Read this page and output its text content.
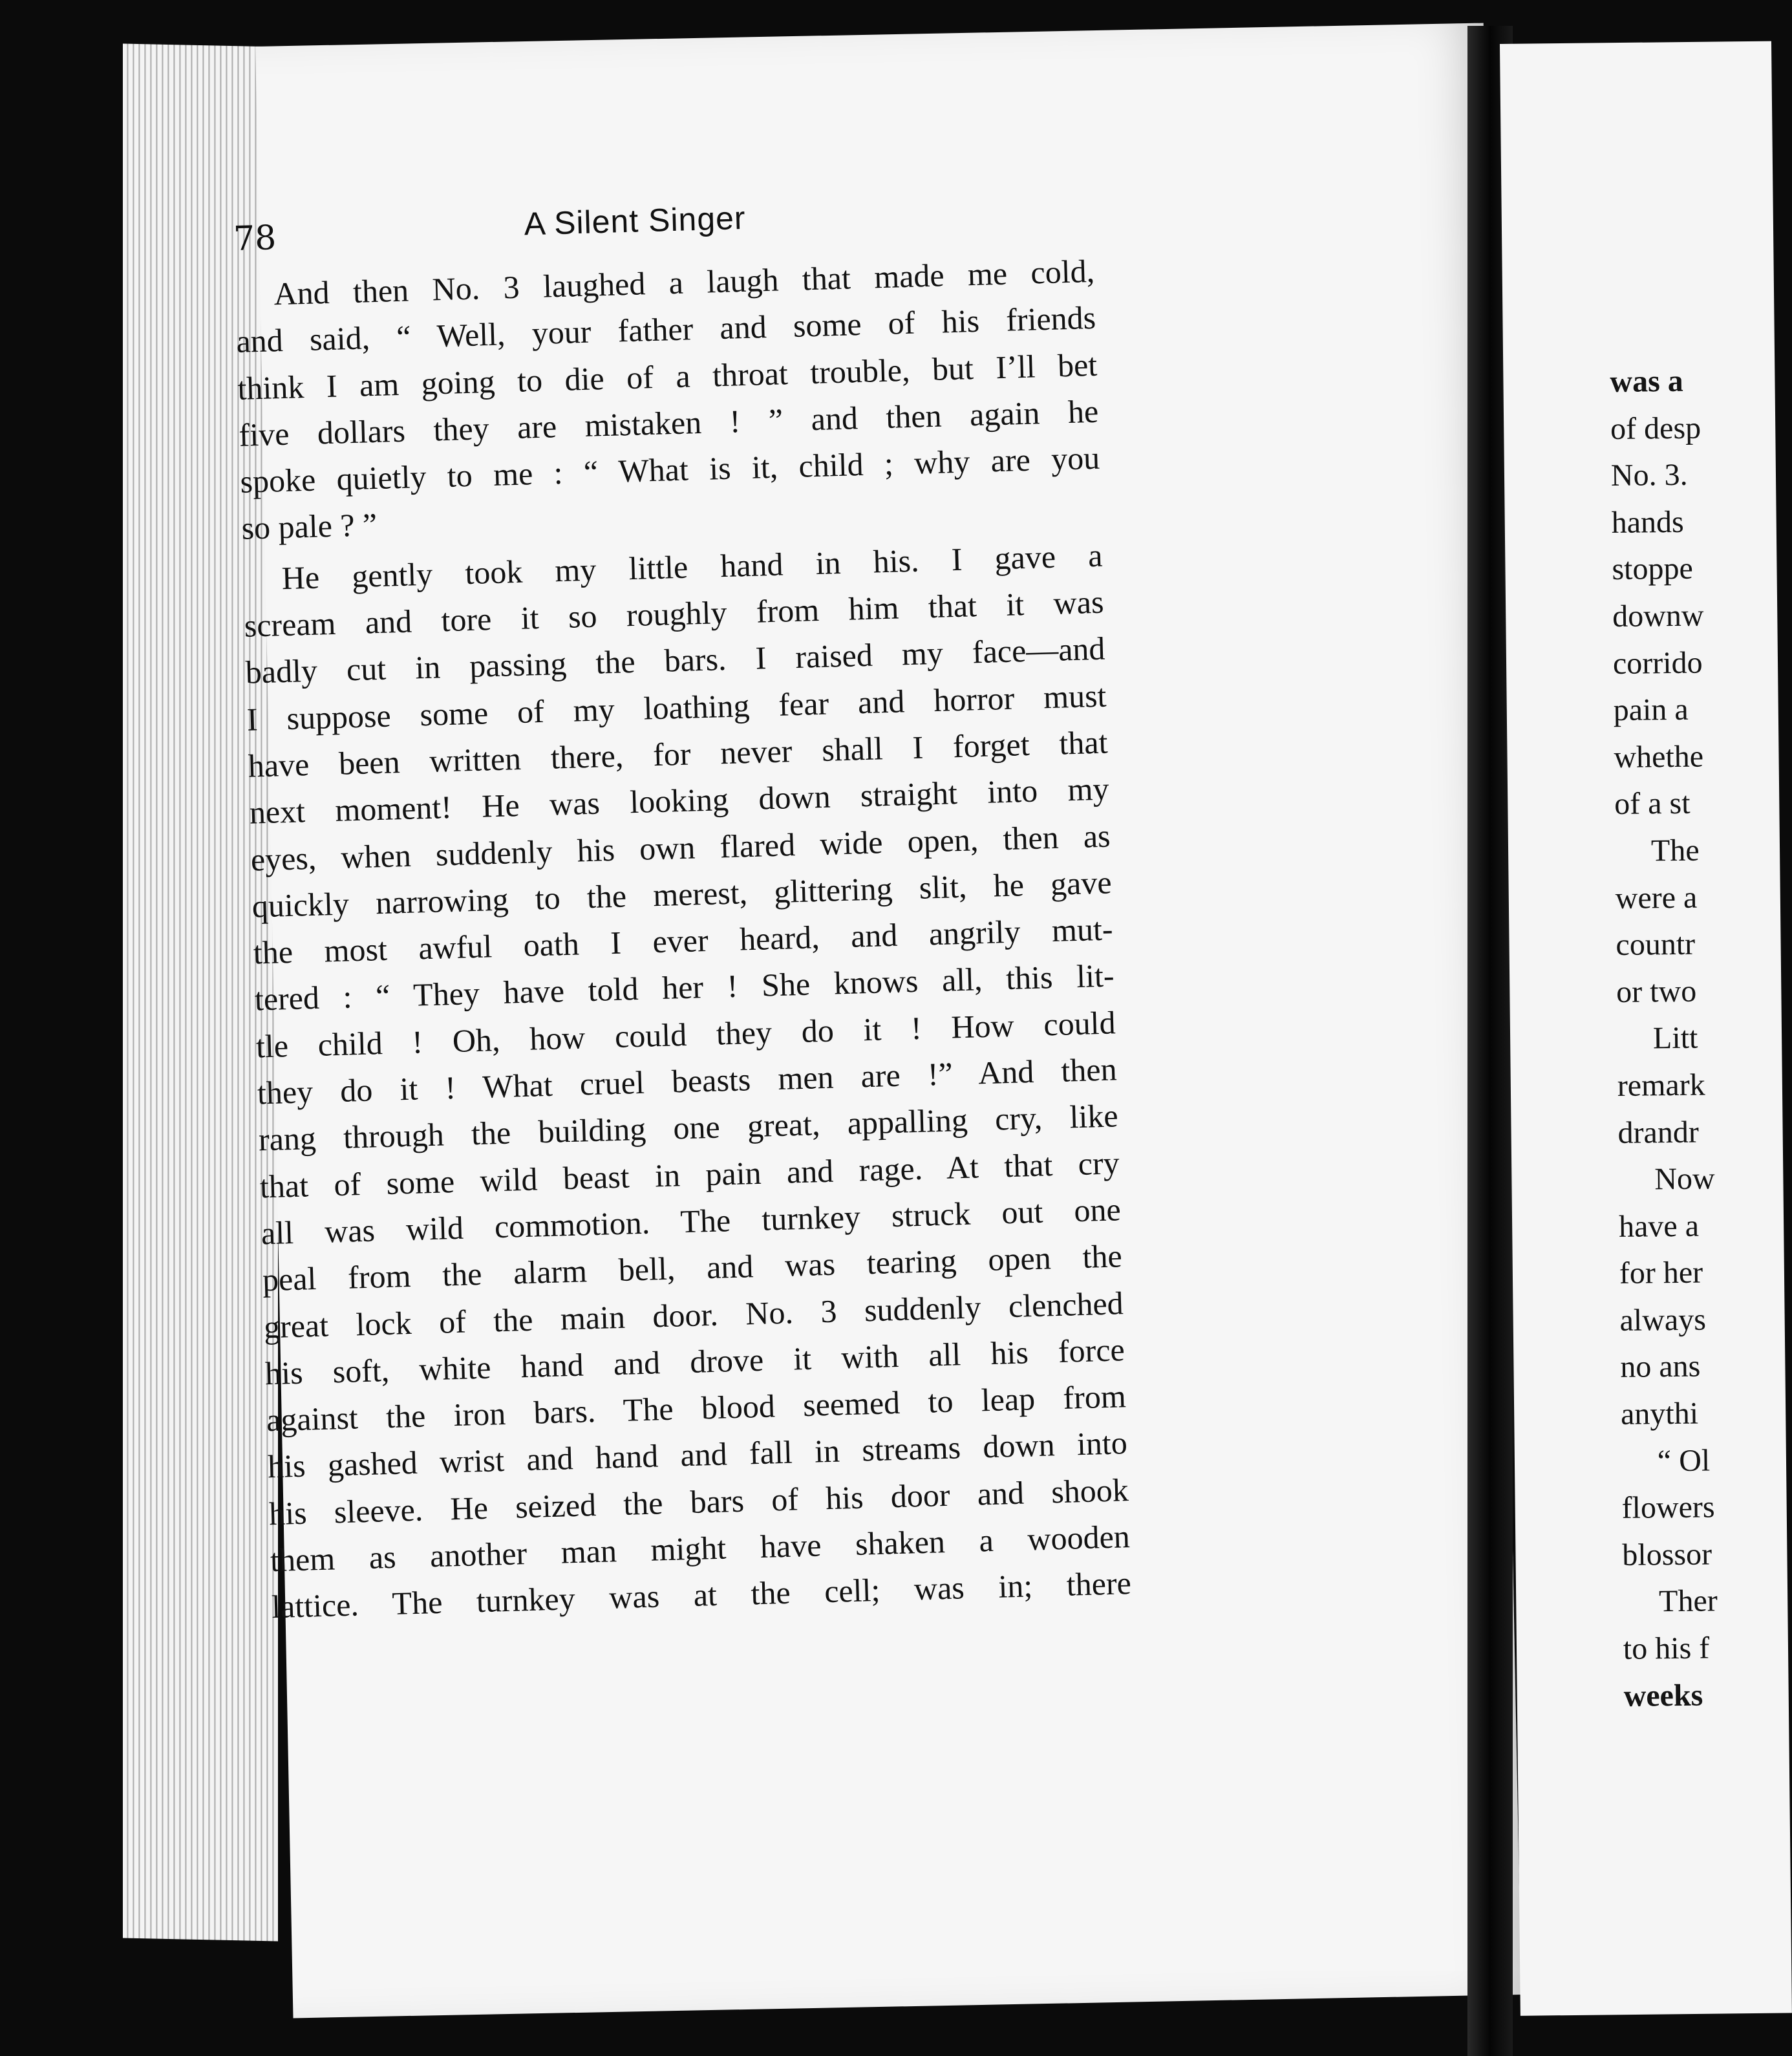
78	A Silent Singer
And then No. 3 laughed a laugh that made me cold,
and said, “ Well, your father and some of his friends
think I am going to die of a throat trouble, but I’ll bet
five dollars they are mistaken ! ” and then again he
spoke quietly to me : “ What is it, child ; why are you
so pale ? ”
He gently took my little hand in his. I gave a
scream and tore it so roughly from him that it was
badly cut in passing the bars. I raised my face—and
I suppose some of my loathing fear and horror must
have been written there, for never shall I forget that
next moment! He was looking down straight into my
eyes, when suddenly his own flared wide open, then as
quickly narrowing to the merest, glittering slit, he gave
the most awful oath I ever heard, and angrily mut-
tered : “ They have told her ! She knows all, this lit-
tle child ! Oh, how could they do it ! How could
they do it ! What cruel beasts men are !” And then
rang through the building one great, appalling cry, like
that of some wild beast in pain and rage. At that cry
all was wild commotion. The turnkey struck out one
peal from the alarm bell, and was tearing open the
great lock of the main door. No. 3 suddenly clenched
his soft, white hand and drove it with all his force
against the iron bars. The blood seemed to leap from
his gashed wrist and hand and fall in streams down into
his sleeve. He seized the bars of his door and shook
them as another man might have shaken a wooden
lattice. The turnkey was at the cell; was in; there
was a
of desp
No. 3.
hands
stoppe
downw
corrido
pain a
whethe
of a st
The
were a
countr
or two
Litt
remark
drandr
Now
have a
for her
always
no ans
anythi
“ Ol
flowers
blossor
Ther
to his f
weeks
